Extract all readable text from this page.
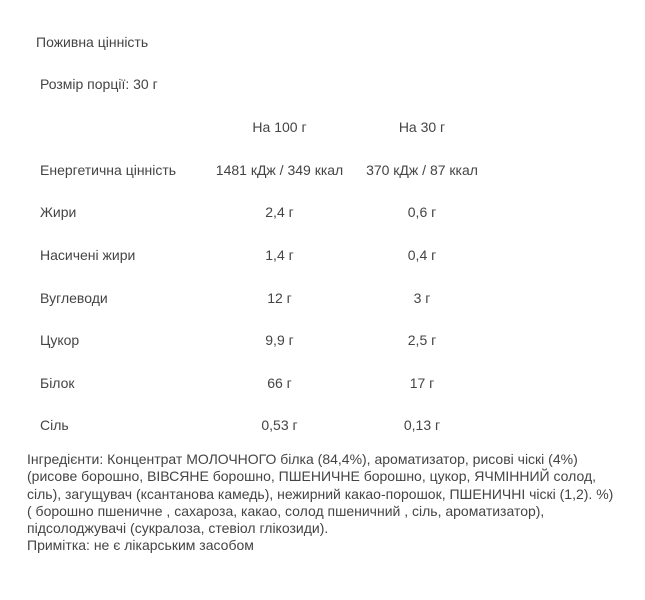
Поживна цінність
Розмір порції: 30 г
	На 100 г	На 30 г
Енергетична цінність	1481 кДж / 349 ккал	370 кДж / 87 ккал
Жири	2,4 г	0,6 г
Насичені жири	1,4 г	0,4 г
Вуглеводи	12 г	3 г
Цукор	9,9 г	2,5 г
Білок	66 г	17 г
Сіль	0,53 г	0,13 г

Інгредієнти: Концентрат МОЛОЧНОГО білка (84,4%), ароматизатор, рисові чіскі (4%) (рисове борошно, ВІВСЯНЕ борошно, ПШЕНИЧНЕ борошно, цукор, ЯЧМІННИЙ солод, сіль), загущувач (ксантанова камедь), нежирний какао-порошок, ПШЕНИЧНІ чіскі (1,2). %)( борошно пшеничне , сахароза, какао, солод пшеничний , сіль, ароматизатор), підсолоджувачі (сукралоза, стевіол глікозиди).

Примітка: не є лікарським засобом
